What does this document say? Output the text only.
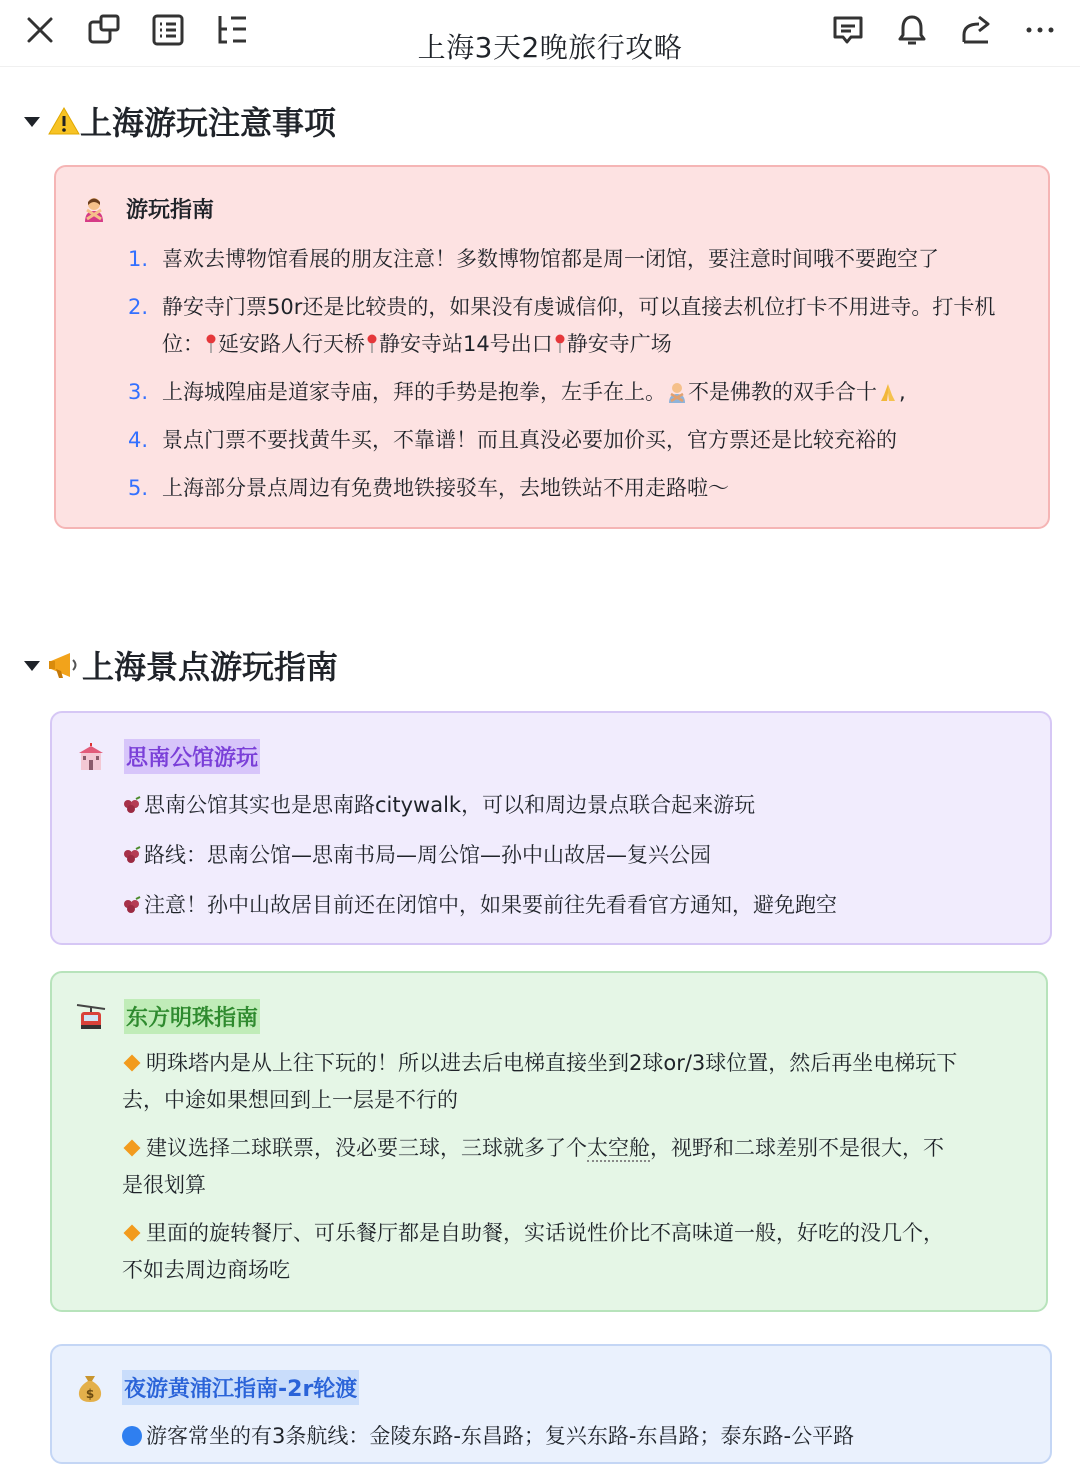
上海3天2晚旅行攻略
上海游玩注意事项
游玩指南
1. 喜欢去博物馆看展的朋友注意！多数博物馆都是周一闭馆，要注意时间哦不要跑空了
2. 静安寺门票50r还是比较贵的，如果没有虔诚信仰，可以直接去机位打卡不用进寺。打卡机位： 延安路人行天桥 静安寺站14号出口 静安寺广场
3. 上海城隍庙是道家寺庙，拜的手势是抱拳，左手在上。 不是佛教的双手合十 ,
4. 景点门票不要找黄牛买，不靠谱！而且真没必要加价买，官方票还是比较充裕的
5. 上海部分景点周边有免费地铁接驳车，去地铁站不用走路啦～
上海景点游玩指南
思南公馆游玩
思南公馆其实也是思南路citywalk，可以和周边景点联合起来游玩
路线：思南公馆—思南书局—周公馆—孙中山故居—复兴公园
注意！孙中山故居目前还在闭馆中，如果要前往先看看官方通知，避免跑空
东方明珠指南
明珠塔内是从上往下玩的！所以进去后电梯直接坐到2球or/3球位置，然后再坐电梯玩下
去，中途如果想回到上一层是不行的
建议选择二球联票，没必要三球，三球就多了个太空舱，视野和二球差别不是很大，不
是很划算
里面的旋转餐厅、可乐餐厅都是自助餐，实话说性价比不高味道一般，好吃的没几个，
不如去周边商场吃
$ 夜游黄浦江指南-2r轮渡
游客常坐的有3条航线：金陵东路-东昌路；复兴东路-东昌路；泰东路-公平路
